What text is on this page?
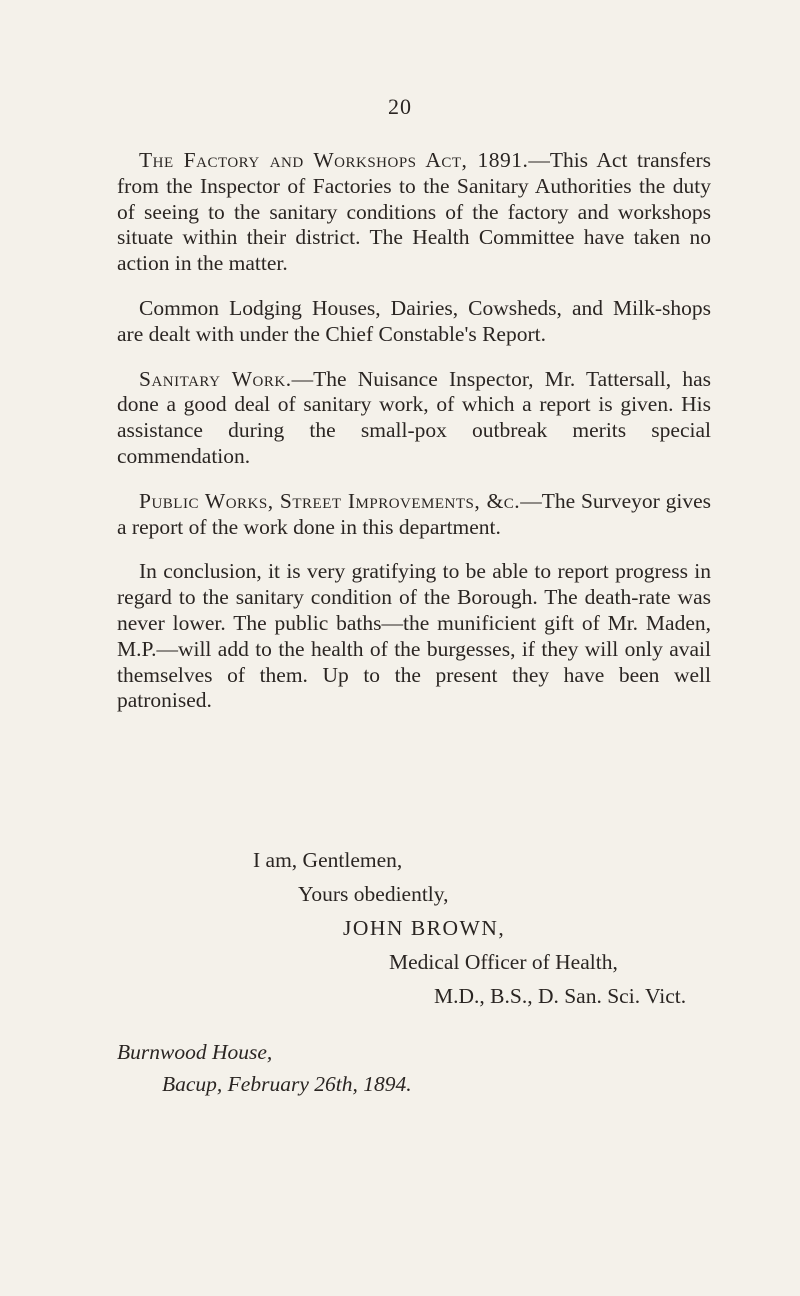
20

The Factory and Workshops Act, 1891.—This Act transfers from the Inspector of Factories to the Sanitary Authorities the duty of seeing to the sanitary conditions of the factory and workshops situate within their district. The Health Committee have taken no action in the matter.

Common Lodging Houses, Dairies, Cowsheds, and Milk-shops are dealt with under the Chief Constable's Report.

Sanitary Work.—The Nuisance Inspector, Mr. Tattersall, has done a good deal of sanitary work, of which a report is given. His assistance during the small-pox outbreak merits special commendation.

Public Works, Street Improvements, &c.—The Surveyor gives a report of the work done in this department.

In conclusion, it is very gratifying to be able to report progress in regard to the sanitary condition of the Borough. The death-rate was never lower. The public baths—the munificient gift of Mr. Maden, M.P.—will add to the health of the burgesses, if they will only avail themselves of them. Up to the present they have been well patronised.

I am, Gentlemen,
Yours obediently,
JOHN BROWN,
Medical Officer of Health,
M.D., B.S., D. San. Sci. Vict.
Burnwood House,
Bacup, February 26th, 1894.
